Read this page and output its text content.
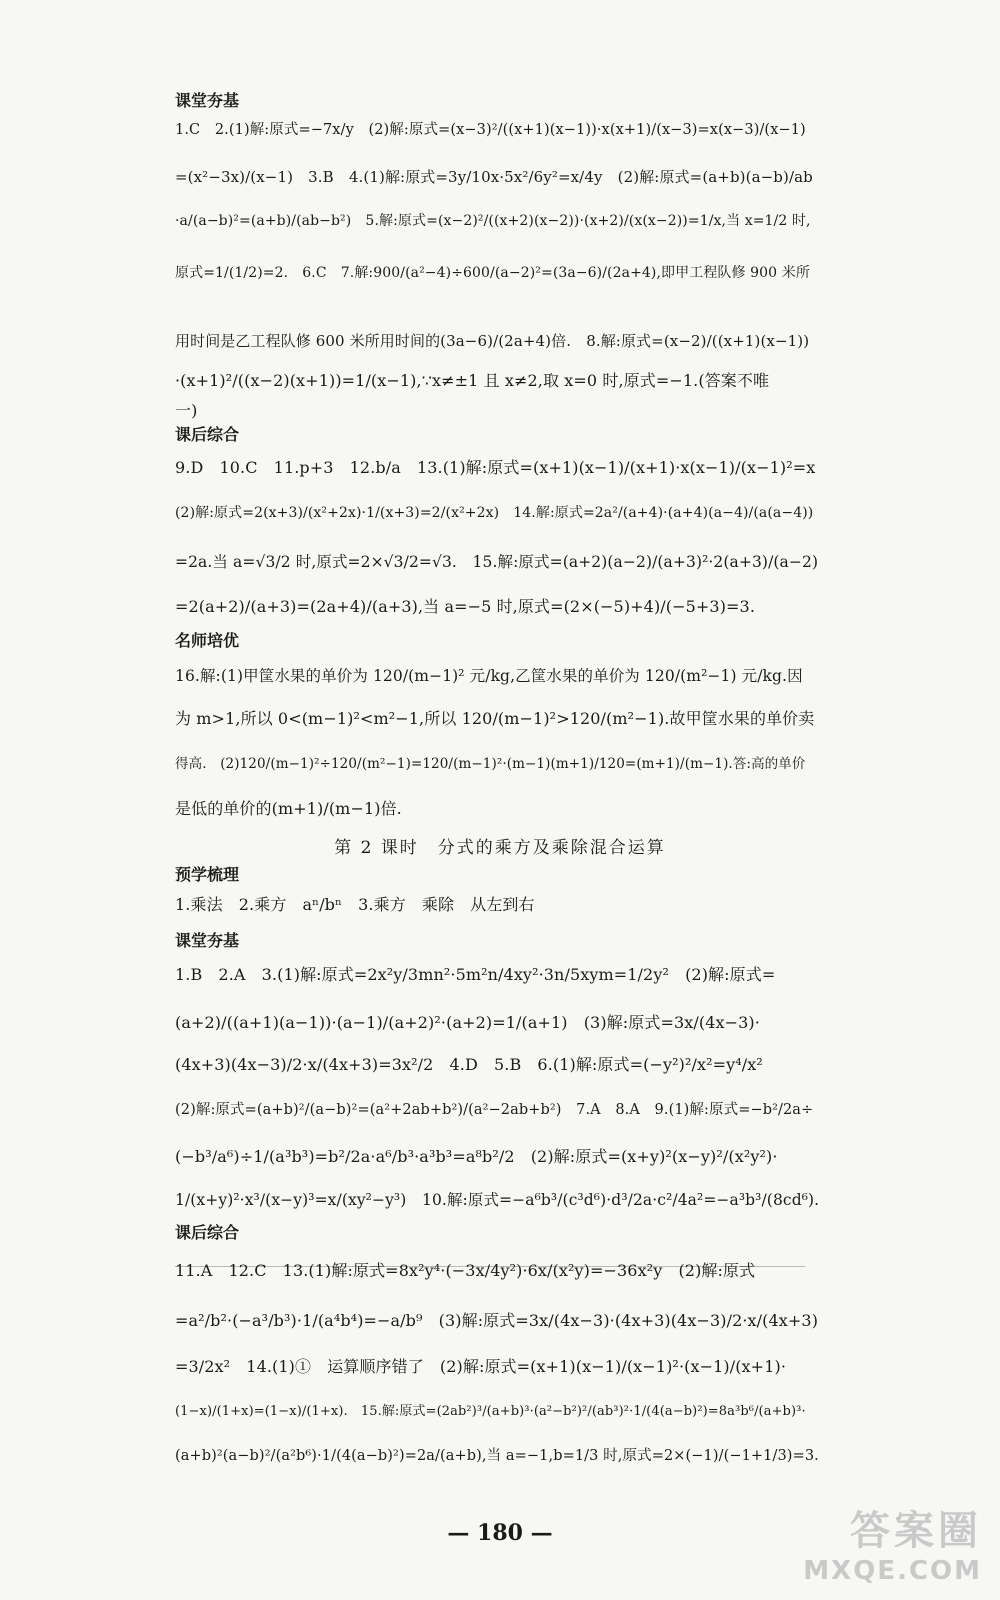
课堂夯基
1.C　2.(1)解:原式=−7x/y　(2)解:原式=(x−3)²/((x+1)(x−1))·x(x+1)/(x−3)=x(x−3)/(x−1)
=(x²−3x)/(x−1)　3.B　4.(1)解:原式=3y/10x·5x²/6y²=x/4y　(2)解:原式=(a+b)(a−b)/ab
·a/(a−b)²=(a+b)/(ab−b²)　5.解:原式=(x−2)²/((x+2)(x−2))·(x+2)/(x(x−2))=1/x,当 x=1/2 时,
原式=1/(1/2)=2.　6.C　7.解:900/(a²−4)÷600/(a−2)²=(3a−6)/(2a+4),即甲工程队修 900 米所
用时间是乙工程队修 600 米所用时间的(3a−6)/(2a+4)倍.　8.解:原式=(x−2)/((x+1)(x−1))
·(x+1)²/((x−2)(x+1))=1/(x−1),∵x≠±1 且 x≠2,取 x=0 时,原式=−1.(答案不唯
一)
课后综合
9.D　10.C　11.p+3　12.b/a　13.(1)解:原式=(x+1)(x−1)/(x+1)·x(x−1)/(x−1)²=x
(2)解:原式=2(x+3)/(x²+2x)·1/(x+3)=2/(x²+2x)　14.解:原式=2a²/(a+4)·(a+4)(a−4)/(a(a−4))
=2a.当 a=√3/2 时,原式=2×√3/2=√3.　15.解:原式=(a+2)(a−2)/(a+3)²·2(a+3)/(a−2)
=2(a+2)/(a+3)=(2a+4)/(a+3),当 a=−5 时,原式=(2×(−5)+4)/(−5+3)=3.
名师培优
16.解:(1)甲筐水果的单价为 120/(m−1)² 元/kg,乙筐水果的单价为 120/(m²−1) 元/kg.因
为 m>1,所以 0<(m−1)²<m²−1,所以 120/(m−1)²>120/(m²−1).故甲筐水果的单价卖
得高.　(2)120/(m−1)²÷120/(m²−1)=120/(m−1)²·(m−1)(m+1)/120=(m+1)/(m−1).答:高的单价
是低的单价的(m+1)/(m−1)倍.
第 2 课时　分式的乘方及乘除混合运算
预学梳理
1.乘法　2.乘方　aⁿ/bⁿ　3.乘方　乘除　从左到右
课堂夯基
1.B　2.A　3.(1)解:原式=2x²y/3mn²·5m²n/4xy²·3n/5xym=1/2y²　(2)解:原式=
(a+2)/((a+1)(a−1))·(a−1)/(a+2)²·(a+2)=1/(a+1)　(3)解:原式=3x/(4x−3)·
(4x+3)(4x−3)/2·x/(4x+3)=3x²/2　4.D　5.B　6.(1)解:原式=(−y²)²/x²=y⁴/x²
(2)解:原式=(a+b)²/(a−b)²=(a²+2ab+b²)/(a²−2ab+b²)　7.A　8.A　9.(1)解:原式=−b²/2a÷
(−b³/a⁶)÷1/(a³b³)=b²/2a·a⁶/b³·a³b³=a⁸b²/2　(2)解:原式=(x+y)²(x−y)²/(x²y²)·
1/(x+y)²·x³/(x−y)³=x/(xy²−y³)　10.解:原式=−a⁶b³/(c³d⁶)·d³/2a·c²/4a²=−a³b³/(8cd⁶).
课后综合
11.A　12.C　13.(1)解:原式=8x²y⁴·(−3x/4y²)·6x/(x²y)=−36x²y　(2)解:原式
=a²/b²·(−a³/b³)·1/(a⁴b⁴)=−a/b⁹　(3)解:原式=3x/(4x−3)·(4x+3)(4x−3)/2·x/(4x+3)
=3/2x²　14.(1)①　运算顺序错了　(2)解:原式=(x+1)(x−1)/(x−1)²·(x−1)/(x+1)·
(1−x)/(1+x)=(1−x)/(1+x).　15.解:原式=(2ab²)³/(a+b)³·(a²−b²)²/(ab³)²·1/(4(a−b)²)=8a³b⁶/(a+b)³·
(a+b)²(a−b)²/(a²b⁶)·1/(4(a−b)²)=2a/(a+b),当 a=−1,b=1/3 时,原式=2×(−1)/(−1+1/3)=3.
— 180 —	答案圈
MXQE.COM
